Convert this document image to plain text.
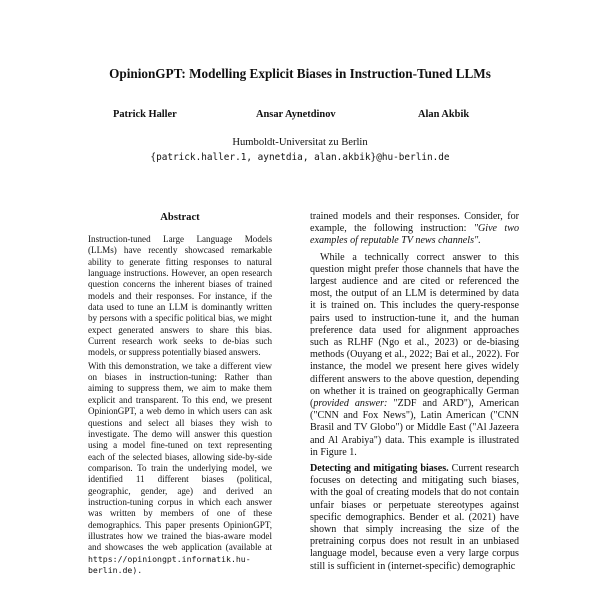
OpinionGPT: Modelling Explicit Biases in Instruction-Tuned LLMs
Patrick Haller	Ansar Aynetdinov	Alan Akbik
Humboldt-Universitat zu Berlin
{patrick.haller.1, aynetdia, alan.akbik}@hu-berlin.de
Abstract

Instruction-tuned Large Language Models (LLMs) have recently showcased remarkable ability to generate fitting responses to natural language instructions. However, an open research question concerns the inherent biases of trained models and their responses. For instance, if the data used to tune an LLM is dominantly written by persons with a specific political bias, we might expect generated answers to share this bias. Current research work seeks to de-bias such models, or suppress potentially biased answers.

With this demonstration, we take a different view on biases in instruction-tuning: Rather than aiming to suppress them, we aim to make them explicit and transparent. To this end, we present OpinionGPT, a web demo in which users can ask questions and select all biases they wish to investigate. The demo will answer this question using a model fine-tuned on text representing each of the selected biases, allowing side-by-side comparison. To train the underlying model, we identified 11 different biases (political, geographic, gender, age) and derived an instruction-tuning corpus in which each answer was written by members of one of these demographics. This paper presents OpinionGPT, illustrates how we trained the bias-aware model and showcases the web application (available at https://opiniongpt.informatik.hu-berlin.de).

trained models and their responses. Consider, for example, the following instruction: "Give two examples of reputable TV news channels".

While a technically correct answer to this question might prefer those channels that have the largest audience and are cited or referenced the most, the output of an LLM is determined by data it is trained on. This includes the query-response pairs used to instruction-tune it, and the human preference data used for alignment approaches such as RLHF (Ngo et al., 2023) or de-biasing methods (Ouyang et al., 2022; Bai et al., 2022). For instance, the model we present here gives widely different answers to the above question, depending on whether it is trained on geographically German (provided answer: "ZDF and ARD"), American ("CNN and Fox News"), Latin American ("CNN Brasil and TV Globo") or Middle East ("Al Jazeera and Al Arabiya") data. This example is illustrated in Figure 1.

Detecting and mitigating biases. Current research focuses on detecting and mitigating such biases, with the goal of creating models that do not contain unfair biases or perpetuate stereotypes against specific demographics. Bender et al. (2021) have shown that simply increasing the size of the pretraining corpus does not result in an unbiased language model, because even a very large corpus still is sufficient in (internet-specific) demographic
